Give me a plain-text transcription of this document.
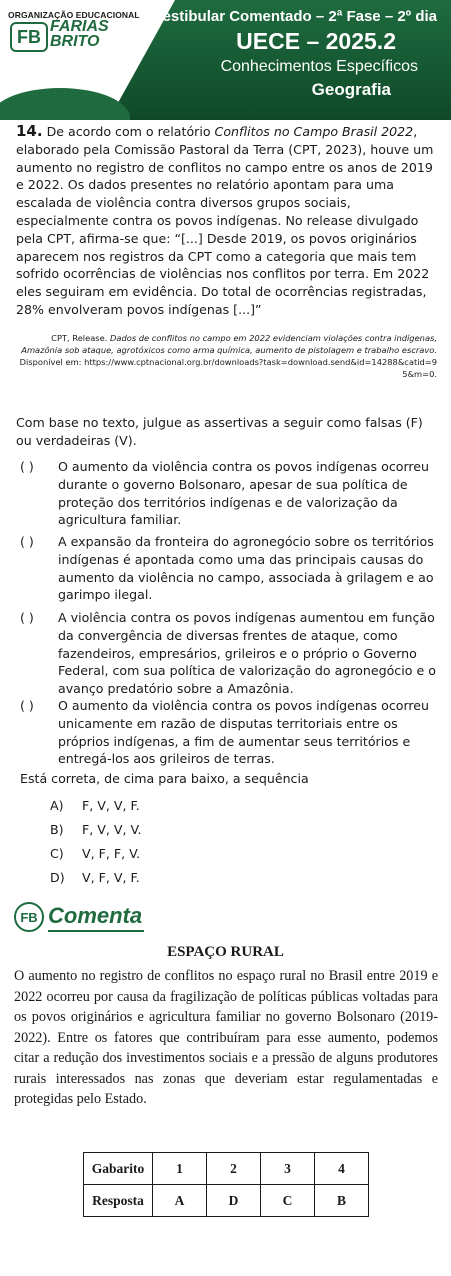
ORGANIZAÇÃO EDUCACIONAL
FB FARIAS
BRITO
Vestibular Comentado – 2ª Fase – 2º dia
UECE – 2025.2
Conhecimentos Específicos
Geografia
14. De acordo com o relatório Conflitos no Campo Brasil 2022, elaborado pela Comissão Pastoral da Terra (CPT, 2023), houve um aumento no registro de conflitos no campo entre os anos de 2019 e 2022. Os dados presentes no relatório apontam para uma escalada de violência contra diversos grupos sociais, especialmente contra os povos indígenas. No release divulgado pela CPT, afirma-se que: “[...] Desde 2019, os povos originários aparecem nos registros da CPT como a categoria que mais tem sofrido ocorrências de violências nos conflitos por terra. Em 2022 eles seguiram em evidência. Do total de ocorrências registradas, 28% envolveram povos indígenas [...]”
CPT, Release. Dados de conflitos no campo em 2022 evidenciam violações contra indígenas, Amazônia sob ataque, agrotóxicos como arma química, aumento de pistolagem e trabalho escravo. Disponível em: https://www.cptnacional.org.br/downloads?task=download.send&id=14288&catid=95&m=0.
Com base no texto, julgue as assertivas a seguir como falsas (F) ou verdadeiras (V).
( )	O aumento da violência contra os povos indígenas ocorreu durante o governo Bolsonaro, apesar de sua política de proteção dos territórios indígenas e de valorização da agricultura familiar.
( )	A expansão da fronteira do agronegócio sobre os territórios indígenas é apontada como uma das principais causas do aumento da violência no campo, associada à grilagem e ao garimpo ilegal.
( )	A violência contra os povos indígenas aumentou em função da convergência de diversas frentes de ataque, como fazendeiros, empresários, grileiros e o próprio o Governo Federal, com sua política de valorização do agronegócio e o avanço predatório sobre a Amazônia.
( )	O aumento da violência contra os povos indígenas ocorreu unicamente em razão de disputas territoriais entre os próprios indígenas, a fim de aumentar seus territórios e entregá-los aos grileiros de terras.
Está correta, de cima para baixo, a sequência
A) F, V, V, F.
B) F, V, V, V.
C) V, F, F, V.
D) V, F, V, F.
FB Comenta
ESPAÇO RURAL
O aumento no registro de conflitos no espaço rural no Brasil entre 2019 e 2022 ocorreu por causa da fragilização de políticas públicas voltadas para os povos originários e agricultura familiar no governo Bolsonaro (2019-2022). Entre os fatores que contribuíram para esse aumento, podemos citar a redução dos investimentos sociais e a pressão de alguns produtores rurais interessados nas zonas que deveriam estar regulamentadas e protegidas pelo Estado.
Gabarito	1	2	3	4
Resposta	A	D	C	B
